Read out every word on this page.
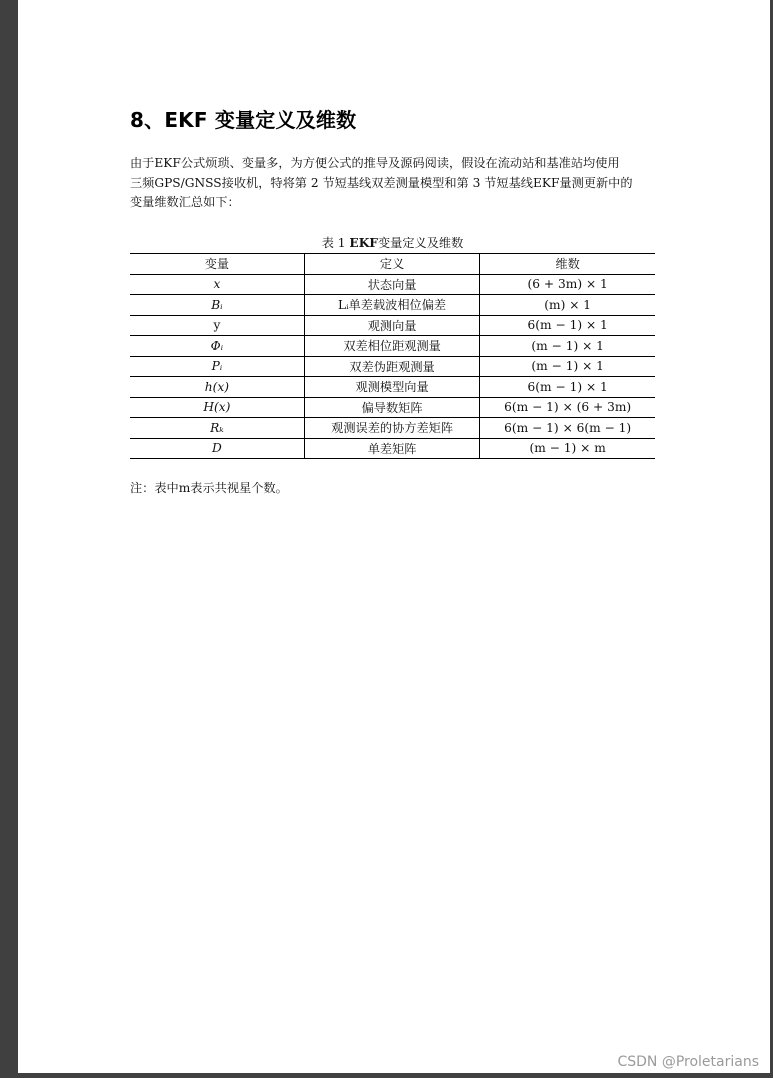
8、EKF 变量定义及维数
由于EKF公式烦琐、变量多，为方便公式的推导及源码阅读，假设在流动站和基准站均使用
三频GPS/GNSS接收机，特将第 2 节短基线双差测量模型和第 3 节短基线EKF量测更新中的
变量维数汇总如下：
表 1 EKF变量定义及维数
变量	定义	维数
x	状态向量	(6 + 3m) × 1
Bᵢ	Lᵢ单差载波相位偏差	(m) × 1
y	观测向量	6(m − 1) × 1
Φᵢ	双差相位距观测量	(m − 1) × 1
Pᵢ	双差伪距观测量	(m − 1) × 1
h(x)	观测模型向量	6(m − 1) × 1
H(x)	偏导数矩阵	6(m − 1) × (6 + 3m)
Rₖ	观测误差的协方差矩阵	6(m − 1) × 6(m − 1)
D	单差矩阵	(m − 1) × m
注：表中m表示共视星个数。
CSDN @Proletarians
